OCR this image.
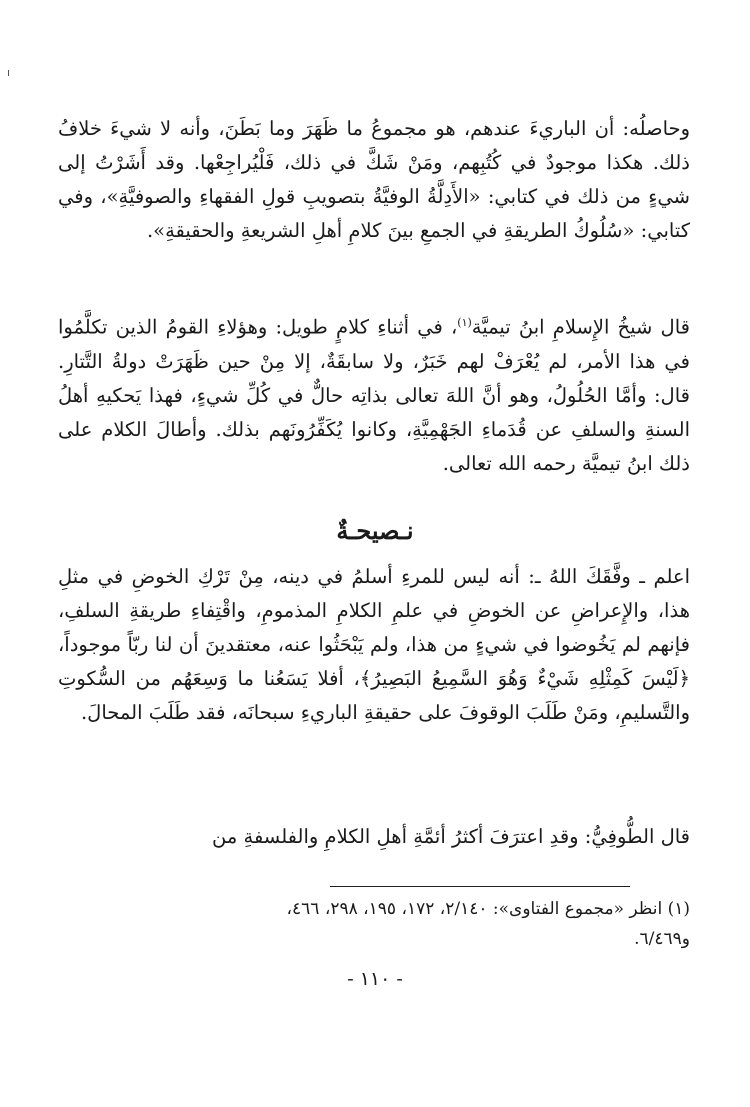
وحاصلُه: أن الباريءَ عندهم، هو مجموعُ ما ظَهَرَ وما بَطَنَ، وأنه لا شيءَ خلافُ ذلك. هكذا موجودٌ في كُتُبِهم، ومَنْ شَكَّ في ذلك، فَلْيُراجِعْها. وقد أَشَرْتُ إلى شيءٍ من ذلك في كتابي: «الأَدِلَّةُ الوفيَّةُ بتصويبِ قولِ الفقهاءِ والصوفيَّةِ»، وفي كتابي: «سُلُوكُ الطريقةِ في الجمعِ بينَ كلامِ أهلِ الشريعةِ والحقيقةِ».

قال شيخُ الإِسلامِ ابنُ تيميَّة$^{(١)}$، في أثناءِ كلامٍ طويل: وهؤلاءِ القومُ الذين تكلَّمُوا في هذا الأمر، لم يُعْرَفْ لهم خَبَرٌ، ولا سابقَةٌ، إلا مِنْ حين ظَهَرَتْ دولةُ التَّتارِ. قال: وأمَّا الحُلُولُ، وهو أنَّ اللهَ تعالى بذاتِه حالٌّ في كُلِّ شيءٍ، فهذا يَحكيهِ أهلُ السنةِ والسلفِ عن قُدَماءِ الجَهْمِيَّةِ، وكانوا يُكَفِّرُونَهم بذلك. وأطالَ الكلام على ذلك ابنُ تيميَّة رحمه الله تعالى.

نـصيحـةٌ

اعلم ـ وفَّقَكَ اللهُ ـ: أنه ليس للمرءِ أسلمُ في دينه، مِنْ تَرْكِ الخوضِ في مثلِ هذا، والإِعراضِ عن الخوضِ في علمِ الكلامِ المذمومِ، واقْتِفاءِ طريقةِ السلفِ، فإنهم لم يَخُوضوا في شيءٍ من هذا، ولم يَبْحَثُوا عنه، معتقدينَ أن لنا ربّاً موجوداً، ﴿لَيْسَ كَمِثْلِهِ شَيْءٌ وَهُوَ السَّمِيعُ البَصِيرُ﴾، أفلا يَسَعُنا ما وَسِعَهُم من السُّكوتِ والتَّسليمِ، ومَنْ طَلَبَ الوقوفَ على حقيقةِ الباريءِ سبحانَه، فقد طَلَبَ المحالَ.

قال الطُّوفِيُّ: وقدِ اعترَفَ أكثرُ أئمَّةِ أهلِ الكلامِ والفلسفةِ من

(١) انظر «مجموع الفتاوى»: ٢/١٤٠، ١٧٢، ١٩٥، ٢٩٨، ٤٦٦،
و٦/٤٦٩.

- ١١٠ -
